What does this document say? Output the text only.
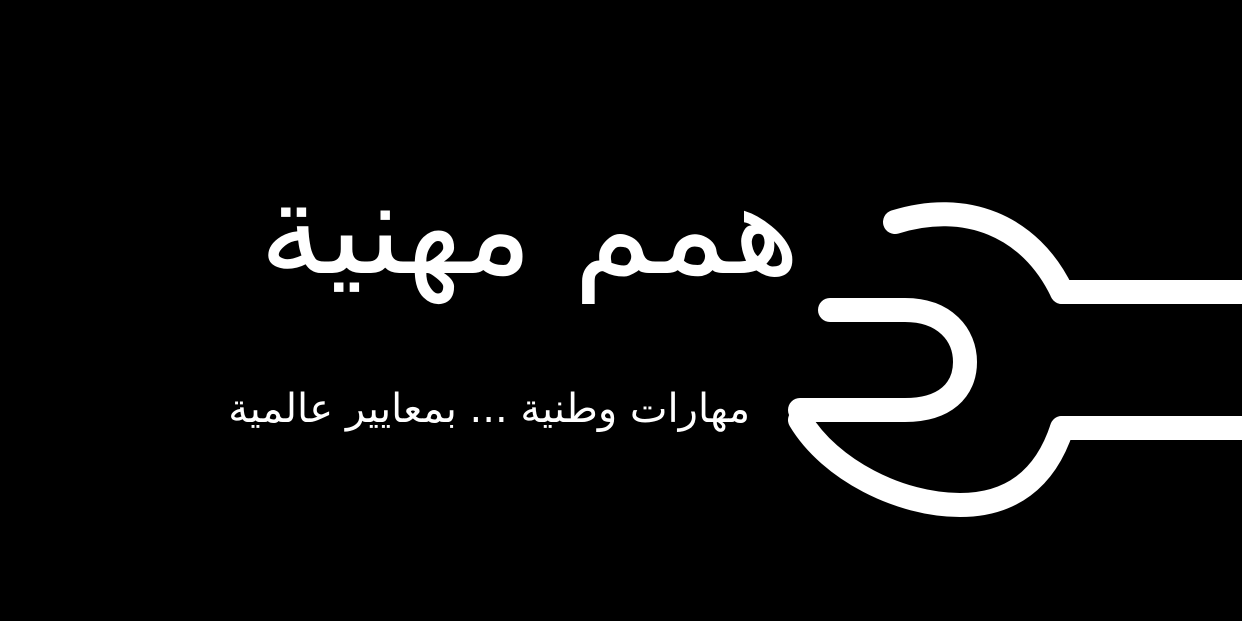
همم مهنية
مهارات وطنية ... بمعايير عالمية
